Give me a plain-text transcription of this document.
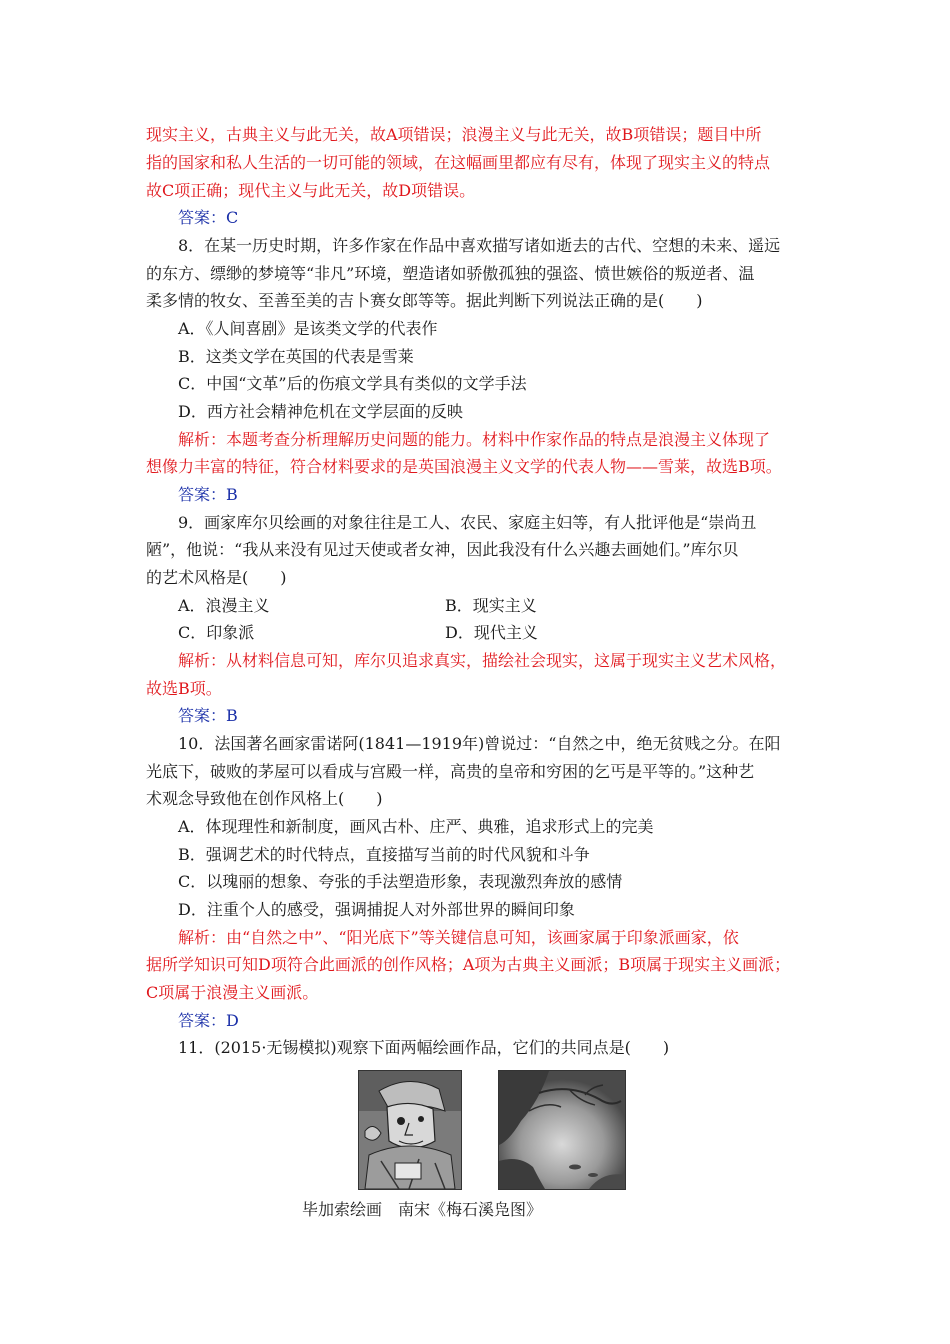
现实主义，古典主义与此无关，故A项错误；浪漫主义与此无关，故B项错误；题目中所
指的国家和私人生活的一切可能的领域，在这幅画里都应有尽有，体现了现实主义的特点
故C项正确；现代主义与此无关，故D项错误。
答案：C
8．在某一历史时期，许多作家在作品中喜欢描写诸如逝去的古代、空想的未来、遥远
的东方、缥缈的梦境等“非凡”环境，塑造诸如骄傲孤独的强盗、愤世嫉俗的叛逆者、温
柔多情的牧女、至善至美的吉卜赛女郎等等。据此判断下列说法正确的是(　　)
A．《人间喜剧》是该类文学的代表作
B．这类文学在英国的代表是雪莱
C．中国“文革”后的伤痕文学具有类似的文学手法
D．西方社会精神危机在文学层面的反映
解析：本题考查分析理解历史问题的能力。材料中作家作品的特点是浪漫主义体现了
想像力丰富的特征，符合材料要求的是英国浪漫主义文学的代表人物——雪莱，故选B项。
答案：B
9．画家库尔贝绘画的对象往往是工人、农民、家庭主妇等，有人批评他是“崇尚丑
陋”，他说：“我从来没有见过天使或者女神，因此我没有什么兴趣去画她们。”库尔贝
的艺术风格是(　　)
A．浪漫主义	B．现实主义
C．印象派	D．现代主义
解析：从材料信息可知，库尔贝追求真实，描绘社会现实，这属于现实主义艺术风格，
故选B项。
答案：B
10．法国著名画家雷诺阿(1841—1919年)曾说过：“自然之中，绝无贫贱之分。在阳
光底下，破败的茅屋可以看成与宫殿一样，高贵的皇帝和穷困的乞丐是平等的。”这种艺
术观念导致他在创作风格上(　　)
A．体现理性和新制度，画风古朴、庄严、典雅，追求形式上的完美
B．强调艺术的时代特点，直接描写当前的时代风貌和斗争
C．以瑰丽的想象、夸张的手法塑造形象，表现激烈奔放的感情
D．注重个人的感受，强调捕捉人对外部世界的瞬间印象
解析：由“自然之中”、“阳光底下”等关键信息可知，该画家属于印象派画家，依
据所学知识可知D项符合此画派的创作风格；A项为古典主义画派；B项属于现实主义画派；
C项属于浪漫主义画派。
答案：D
11．(2015·无锡模拟)观察下面两幅绘画作品，它们的共同点是(　　)
毕加索绘画　南宋《梅石溪凫图》
